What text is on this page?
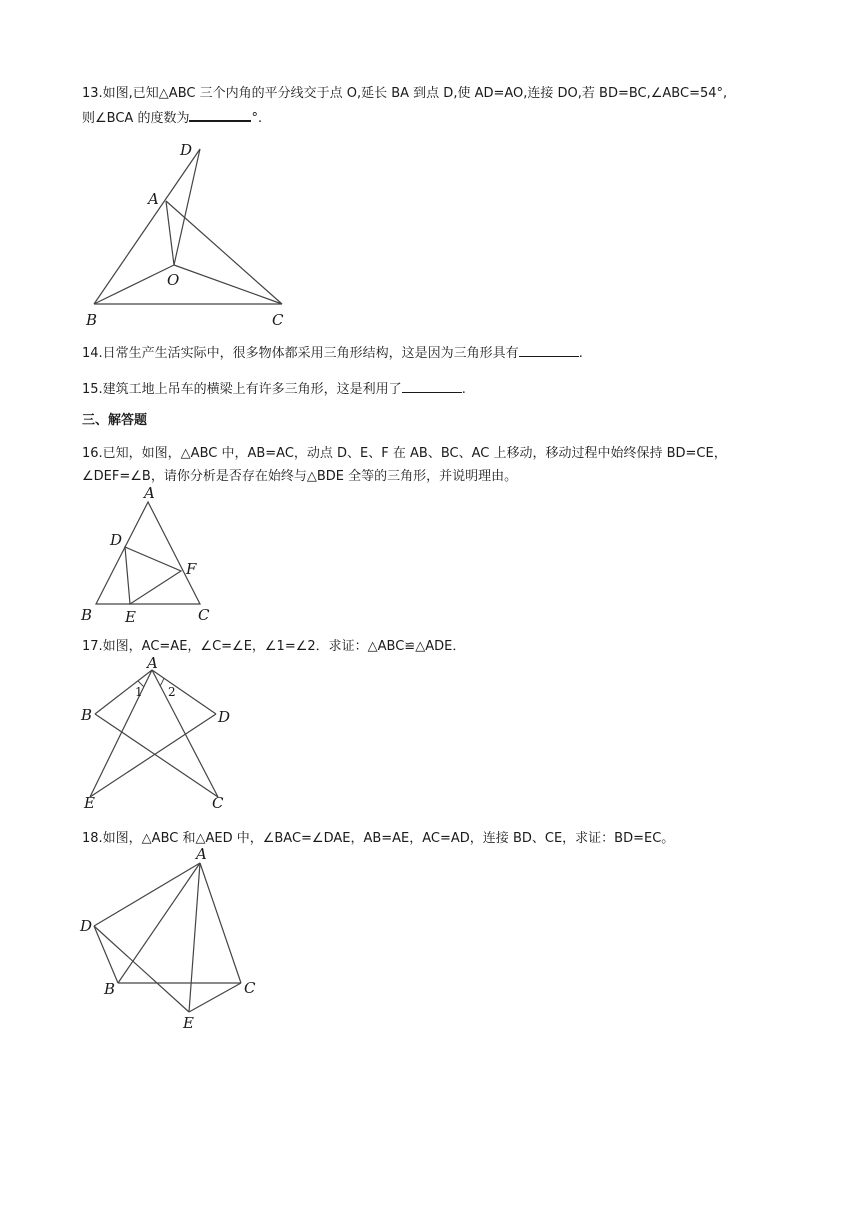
13.如图,已知△ABC 三个内角的平分线交于点 O,延长 BA 到点 D,使 AD=AO,连接 DO,若 BD=BC,∠ABC=54°,
则∠BCA 的度数为	°.
D
A
O
B	C
14.日常生产生活实际中，很多物体都采用三角形结构，这是因为三角形具有	.
15.建筑工地上吊车的横梁上有许多三角形，这是利用了	.
三、解答题
16.已知，如图，△ABC 中，AB=AC，动点 D、E、F 在 AB、BC、AC 上移动，移动过程中始终保持 BD=CE，
∠DEF=∠B，请你分析是否存在始终与△BDE 全等的三角形，并说明理由。
A
D
F
B E	C
17.如图，AC=AE，∠C=∠E，∠1=∠2．求证：△ABC≌△ADE．
A
B	D
E	C
1 2
18.如图，△ABC 和△AED 中，∠BAC=∠DAE，AB=AE，AC=AD，连接 BD、CE，求证：BD=EC。
A
D
B	C
E
